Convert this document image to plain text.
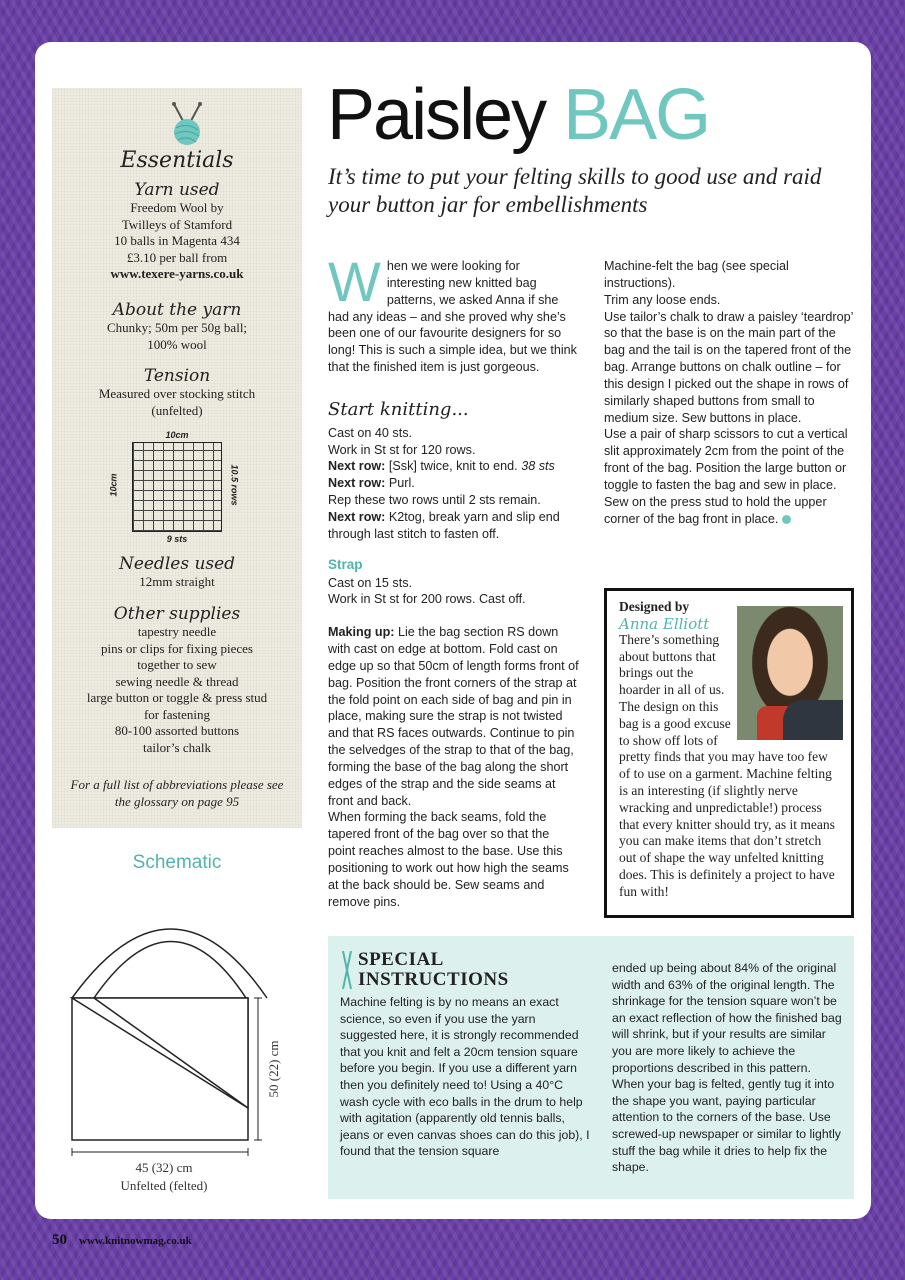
Essentials
Yarn used
Freedom Wool by
Twilleys of Stamford
10 balls in Magenta 434
£3.10 per ball from
www.texere-yarns.co.uk
About the yarn
Chunky; 50m per 50g ball;
100% wool
Tension
Measured over stocking stitch
(unfelted)
10cm
10cm	10.5 rows
9 sts
Needles used
12mm straight
Other supplies
tapestry needle
pins or clips for fixing pieces
together to sew
sewing needle & thread
large button or toggle & press stud
for fastening
80-100 assorted buttons
tailor’s chalk
For a full list of abbreviations please see the glossary on page 95
Schematic
50 (22) cm
45 (32) cm
Unfelted (felted)
Paisley BAG
It’s time to put your felting skills to good use and raid your button jar for embellishments

When we were looking for interesting new knitted bag patterns, we asked Anna if she had any ideas – and she proved why she’s been one of our favourite designers for so long! This is such a simple idea, but we think that the finished item is just gorgeous.

Start knitting...

Cast on 40 sts.

Work in St st for 120 rows.

Next row: [Ssk] twice, knit to end. 38 sts

Next row: Purl.

Rep these two rows until 2 sts remain.

Next row: K2tog, break yarn and slip end through last stitch to fasten off.

Strap

Cast on 15 sts.

Work in St st for 200 rows. Cast off.

Making up: Lie the bag section RS down with cast on edge at bottom. Fold cast on edge up so that 50cm of length forms front of bag. Position the front corners of the strap at the fold point on each side of bag and pin in place, making sure the strap is not twisted and that RS faces outwards. Continue to pin the selvedges of the strap to that of the bag, forming the base of the bag along the short edges of the strap and the side seams at front and back.

When forming the back seams, fold the tapered front of the bag over so that the point reaches almost to the base. Use this positioning to work out how high the seams at the back should be. Sew seams and remove pins.

Machine-felt the bag (see special instructions).

Trim any loose ends.

Use tailor’s chalk to draw a paisley ‘teardrop’ so that the base is on the main part of the bag and the tail is on the tapered front of the bag. Arrange buttons on chalk outline – for this design I picked out the shape in rows of similarly shaped buttons from small to medium size. Sew buttons in place.

Use a pair of sharp scissors to cut a vertical slit approximately 2cm from the point of the front of the bag. Position the large button or toggle to fasten the bag and sew in place.

Sew on the press stud to hold the upper corner of the bag front in place.

Designed by
Anna Elliott
There’s something about buttons that brings out the hoarder in all of us. The design on this bag is a good excuse to show off lots of pretty finds that you may have too few of to use on a garment. Machine felting is an interesting (if slightly nerve wracking and unpredictable!) process that every knitter should try, as it means you can make items that don’t stretch out of shape the way unfelted knitting does. This is definitely a project to have fun with!
SPECIAL
INSTRUCTIONS
Machine felting is by no means an exact science, so even if you use the yarn suggested here, it is strongly recommended that you knit and felt a 20cm tension square before you begin. If you use a different yarn then you definitely need to! Using a 40°C wash cycle with eco balls in the drum to help with agitation (apparently old tennis balls, jeans or even canvas shoes can do this job), I found that the tension square
ended up being about 84% of the original width and 63% of the original length. The shrinkage for the tension square won’t be an exact reflection of how the finished bag will shrink, but if your results are similar you are more likely to achieve the proportions described in this pattern. When your bag is felted, gently tug it into the shape you want, paying particular attention to the corners of the base. Use screwed-up newspaper or similar to lightly stuff the bag while it dries to help fix the shape.
50 www.knitnowmag.co.uk
